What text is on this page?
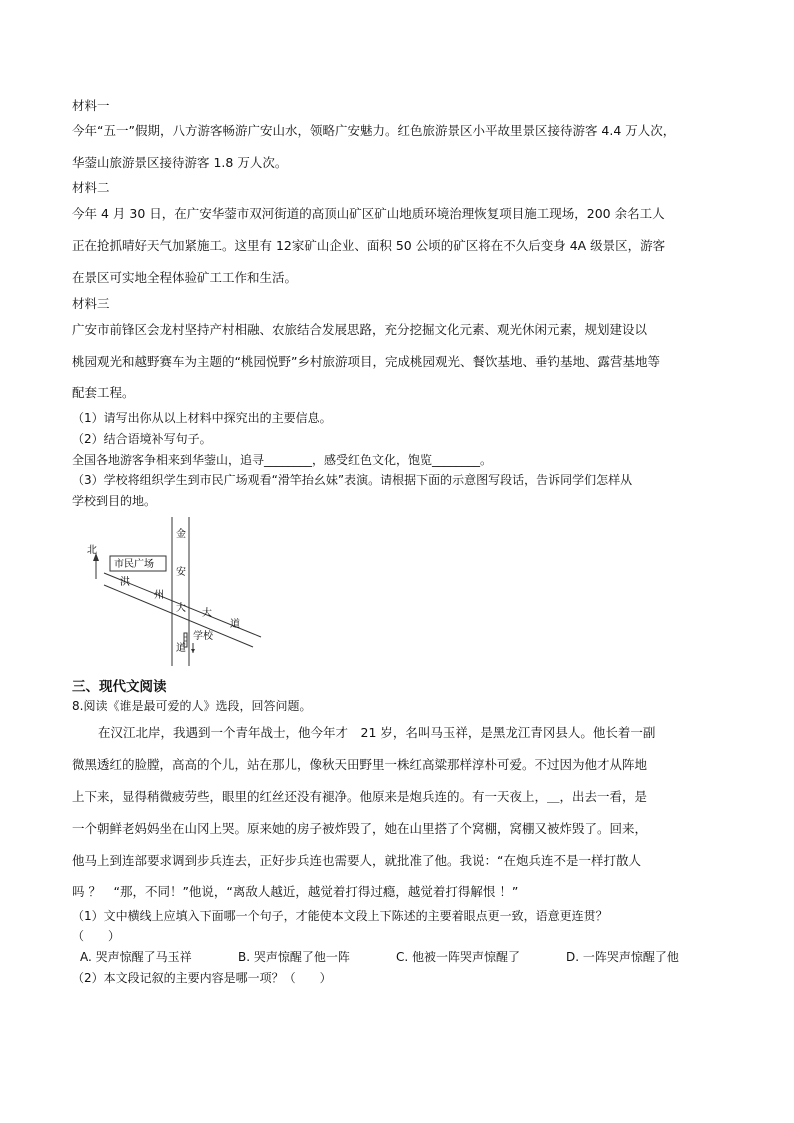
材料一
今年“五一”假期，八方游客畅游广安山水，领略广安魅力。红色旅游景区小平故里景区接待游客 4.4 万人次，
华蓥山旅游景区接待游客 1.8 万人次。
材料二
今年 4 月 30 日，在广安华蓥市双河街道的高顶山矿区矿山地质环境治理恢复项目施工现场，200 余名工人
正在抢抓晴好天气加紧施工。这里有 12家矿山企业、面积 50 公顷的矿区将在不久后变身 4A 级景区，游客
在景区可实地全程体验矿工工作和生活。
材料三
广安市前锋区会龙村坚持产村相融、农旅结合发展思路，充分挖掘文化元素、观光休闲元素，规划建设以
桃园观光和越野赛车为主题的“桃园悦野”乡村旅游项目，完成桃园观光、餐饮基地、垂钓基地、露营基地等
配套工程。
（1）请写出你从以上材料中探究出的主要信息。
（2）结合语境补写句子。
全国各地游客争相来到华蓥山，追寻________，感受红色文化，饱览________。
（3）学校将组织学生到市民广场观看“滑竿抬幺妹”表演。请根据下面的示意图写段话，告诉同学们怎样从
学校到目的地。
北
市民广场
金
安
大
道
洪
州
大
道
学校
三、现代文阅读
8.阅读《谁是最可爱的人》选段，回答问题。
在汉江北岸，我遇到一个青年战士，他今年才　21 岁，名叫马玉祥，是黑龙江青冈县人。他长着一副
微黑透红的脸膛，高高的个儿，站在那儿，像秋天田野里一株红高粱那样淳朴可爱。不过因为他才从阵地
上下来，显得稍微疲劳些，眼里的红丝还没有褪净。他原来是炮兵连的。有一天夜上，＿，出去一看，是
一个朝鲜老妈妈坐在山冈上哭。原来她的房子被炸毁了，她在山里搭了个窝棚，窝棚又被炸毁了。回来，
他马上到连部要求调到步兵连去，正好步兵连也需要人，就批准了他。我说：“在炮兵连不是一样打散人
吗 ？　“那，不同！”他说，“离敌人越近，越觉着打得过瘾，越觉着打得解恨 ！”
（1）文中横线上应填入下面哪一个句子，才能使本文段上下陈述的主要着眼点更一致，语意更连贯？
（　　）
A. 哭声惊醒了马玉祥	B. 哭声惊醒了他一阵	C. 他被一阵哭声惊醒了	D. 一阵哭声惊醒了他
（2）本文段记叙的主要内容是哪一项？（　　）
